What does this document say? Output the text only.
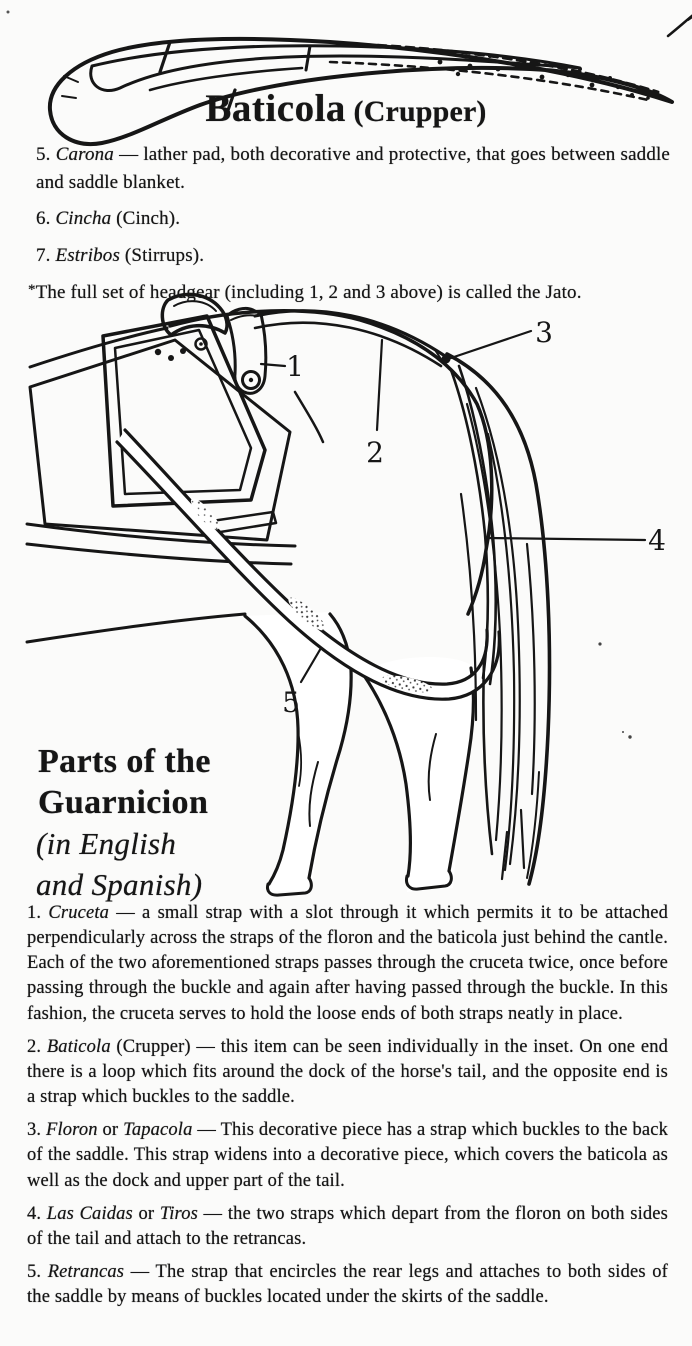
Baticola (Crupper)

5. Carona — lather pad, both decorative and protective, that goes between saddle and saddle blanket.

6. Cincha (Cinch).

7. Estribos (Stirrups).

*The full set of headgear (including 1, 2 and 3 above) is called the Jato.

1
2
3
4
5
Parts of the
Guarnicion
(in English
and Spanish)

1. Cruceta — a small strap with a slot through it which permits it to be attached perpendicularly across the straps of the floron and the baticola just behind the cantle. Each of the two aforementioned straps passes through the cruceta twice, once before passing through the buckle and again after having passed through the buckle. In this fashion, the cruceta serves to hold the loose ends of both straps neatly in place.

2. Baticola (Crupper) — this item can be seen individually in the inset. On one end there is a loop which fits around the dock of the horse's tail, and the opposite end is a strap which buckles to the saddle.

3. Floron or Tapacola — This decorative piece has a strap which buckles to the back of the saddle. This strap widens into a decorative piece, which covers the baticola as well as the dock and upper part of the tail.

4. Las Caidas or Tiros — the two straps which depart from the floron on both sides of the tail and attach to the retrancas.

5. Retrancas — The strap that encircles the rear legs and attaches to both sides of the saddle by means of buckles located under the skirts of the saddle.
